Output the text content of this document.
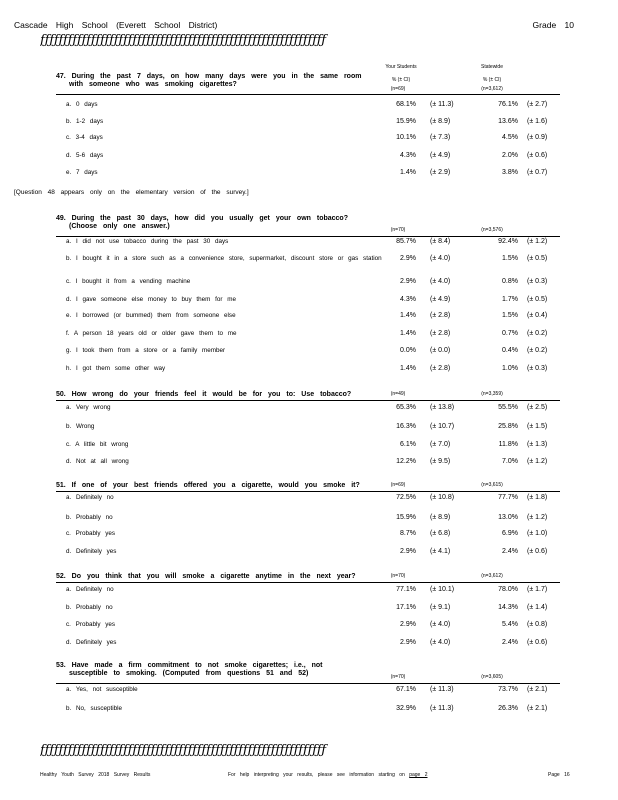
Cascade High School (Everett School District)	Grade 10
ƒƒƒƒƒƒƒƒƒƒƒƒƒƒƒƒƒƒƒƒƒƒƒƒƒƒƒƒƒƒƒƒƒƒƒƒƒƒƒƒƒƒƒƒƒƒƒƒƒƒƒƒƒƒƒƒƒƒƒƒƒƒ
Your Students	Statewide
% (± CI)	% (± CI)
47. During the past 7 days, on how many days were you in the same room
with someone who was smoking cigarettes?
(n=69)	(n=3,612)
a. 0 days	68.1% (± 11.3)	76.1% (± 2.7)
b. 1-2 days	15.9% (± 8.9)	13.6% (± 1.6)
c. 3-4 days	10.1% (± 7.3)	4.5% (± 0.9)
d. 5-6 days	4.3% (± 4.9)	2.0% (± 0.6)
e. 7 days	1.4% (± 2.9)	3.8% (± 0.7)
49. During the past 30 days, how did you usually get your own tobacco?
(Choose only one answer.)	(n=70)	(n=3,576)
a. I did not use tobacco during the past 30 days	85.7% (± 8.4)	92.4% (± 1.2)
b. I bought it in a store such as a convenience store, supermarket, discount store or gas station	2.9% (± 4.0)	1.5% (± 0.5)
c. I bought it from a vending machine	2.9% (± 4.0)	0.8% (± 0.3)
d. I gave someone else money to buy them for me	4.3% (± 4.9)	1.7% (± 0.5)
e. I borrowed (or bummed) them from someone else	1.4% (± 2.8)	1.5% (± 0.4)
f. A person 18 years old or older gave them to me	1.4% (± 2.8)	0.7% (± 0.2)
g. I took them from a store or a family member	0.0% (± 0.0)	0.4% (± 0.2)
h. I got them some other way	1.4% (± 2.8)	1.0% (± 0.3)
50. How wrong do your friends feel it would be for you to: Use tobacco?	(n=49)	(n=3,359)
a. Very wrong	65.3% (± 13.8)	55.5% (± 2.5)
b. Wrong	16.3% (± 10.7)	25.8% (± 1.5)
c. A little bit wrong	6.1% (± 7.0)	11.8% (± 1.3)
d. Not at all wrong	12.2% (± 9.5)	7.0% (± 1.2)
51. If one of your best friends offered you a cigarette, would you smoke it?	(n=69)	(n=3,615)
a. Definitely no	72.5% (± 10.8)	77.7% (± 1.8)
b. Probably no	15.9% (± 8.9)	13.0% (± 1.2)
c. Probably yes	8.7% (± 6.8)	6.9% (± 1.0)
d. Definitely yes	2.9% (± 4.1)	2.4% (± 0.6)
52. Do you think that you will smoke a cigarette anytime in the next year?	(n=70)	(n=3,612)
a. Definitely no	77.1% (± 10.1)	78.0% (± 1.7)
b. Probably no	17.1% (± 9.1)	14.3% (± 1.4)
c. Probably yes	2.9% (± 4.0)	5.4% (± 0.8)
d. Definitely yes	2.9% (± 4.0)	2.4% (± 0.6)
53. Have made a firm commitment to not smoke cigarettes; i.e., not
susceptible to smoking. (Computed from questions 51 and 52)	(n=70)	(n=3,605)
a. Yes, not susceptible	67.1% (± 11.3)	73.7% (± 2.1)
b. No, susceptible	32.9% (± 11.3)	26.3% (± 2.1)
[Question 48 appears only on the elementary version of the survey.]
ƒƒƒƒƒƒƒƒƒƒƒƒƒƒƒƒƒƒƒƒƒƒƒƒƒƒƒƒƒƒƒƒƒƒƒƒƒƒƒƒƒƒƒƒƒƒƒƒƒƒƒƒƒƒƒƒƒƒƒƒƒƒ
Healthy Youth Survey 2018 Survey Results	For help interpreting your results, please see information starting on page 2	Page 16
